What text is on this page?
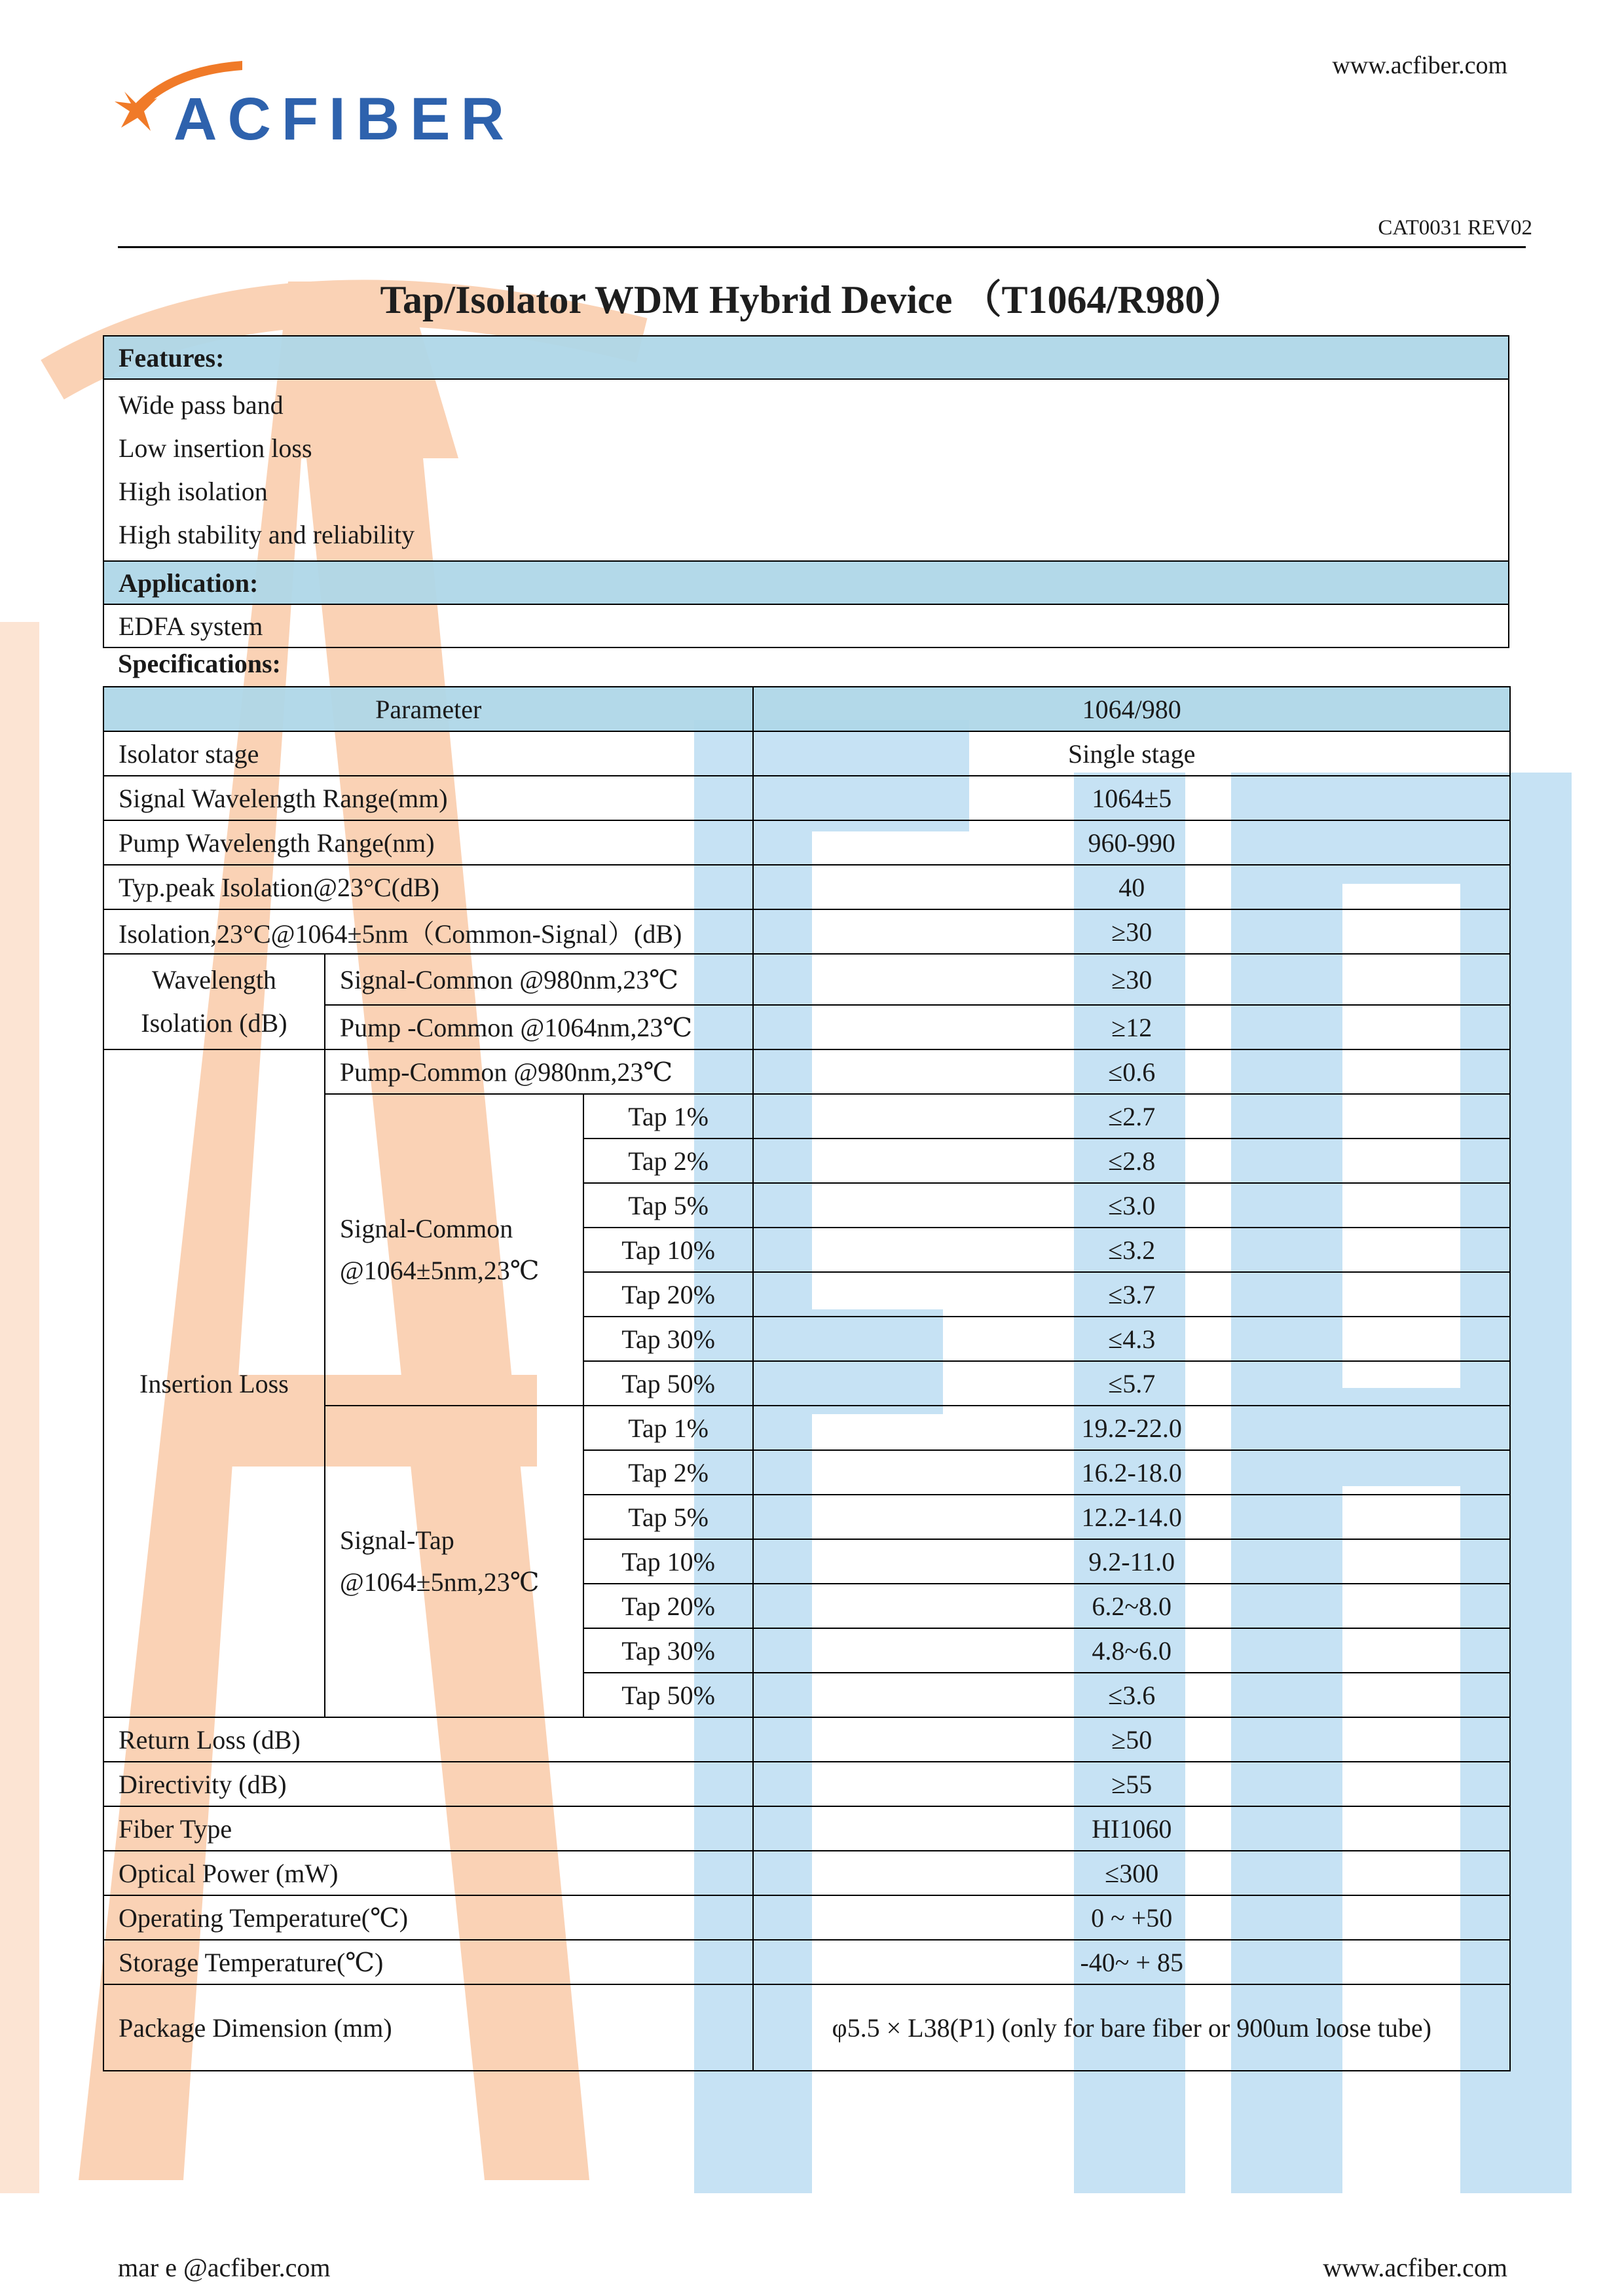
ACFIBER
www.acfiber.com
CAT0031 REV02
Tap/Isolator WDM Hybrid Device （T1064/R980）
Features:

Wide pass band
Low insertion loss
High isolation
High stability and reliability

Application:
EDFA system
Specifications:
Parameter			1064/980
Isolator stage			Single stage
Signal Wavelength Range(mm)			1064±5
Pump Wavelength Range(nm)			960-990
Typ.peak Isolation@23°C(dB)			40
Isolation,23°C@1064±5nm（Common-Signal）(dB)			≥30

Wavelength
Isolation (dB)	Signal-Common @980nm,23℃		≥30
	Pump -Common @1064nm,23℃		≥12
Insertion Loss	Pump-Common @980nm,23℃		≤0.6

	Signal-Common
@1064±5nm,23℃	Tap 1%	≤2.7
		Tap 2%	≤2.8
		Tap 5%	≤3.0
		Tap 10%	≤3.2
		Tap 20%	≤3.7
		Tap 30%	≤4.3
		Tap 50%	≤5.7

	Signal-Tap
@1064±5nm,23℃	Tap 1%	19.2-22.0
		Tap 2%	16.2-18.0
		Tap 5%	12.2-14.0
		Tap 10%	9.2-11.0
		Tap 20%	6.2~8.0
		Tap 30%	4.8~6.0
		Tap 50%	≤3.6
Return Loss (dB)			≥50
Directivity (dB)			≥55
Fiber Type			HI1060
Optical Power (mW)			≤300
Operating Temperature(℃)			0 ~ +50
Storage Temperature(℃)			-40~ + 85
Package Dimension (mm)			φ5.5 × L38(P1) (only for bare fiber or 900um loose tube)
mar e @acfiber.com	www.acfiber.com
